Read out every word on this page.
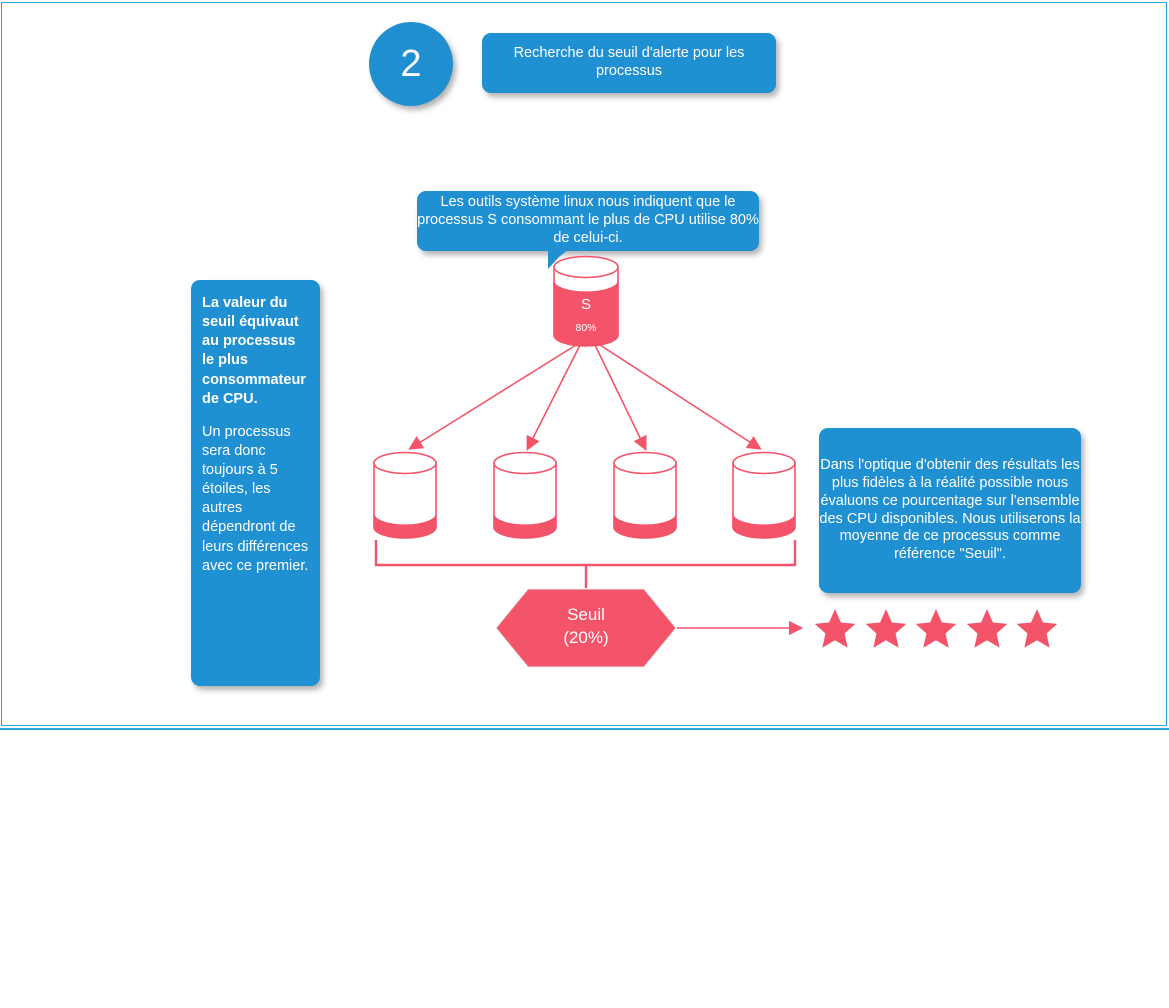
2	Recherche du seuil d'alerte pour les processus
Les outils système linux nous indiquent que le processus S consommant le plus de CPU utilise 80% de celui-ci.

La valeur du seuil équivaut au processus le plus consommateur de CPU.

Un processus sera donc toujours à 5 étoiles, les autres dépendront de leurs différences avec ce premier.

Dans l'optique d'obtenir des résultats les plus fidèles à la réalité possible nous évaluons ce pourcentage sur l'ensemble des CPU disponibles. Nous utiliserons la moyenne de ce processus comme référence "Seuil".
S
80%
20%	20%	20%	20%
Seuil
(20%)
